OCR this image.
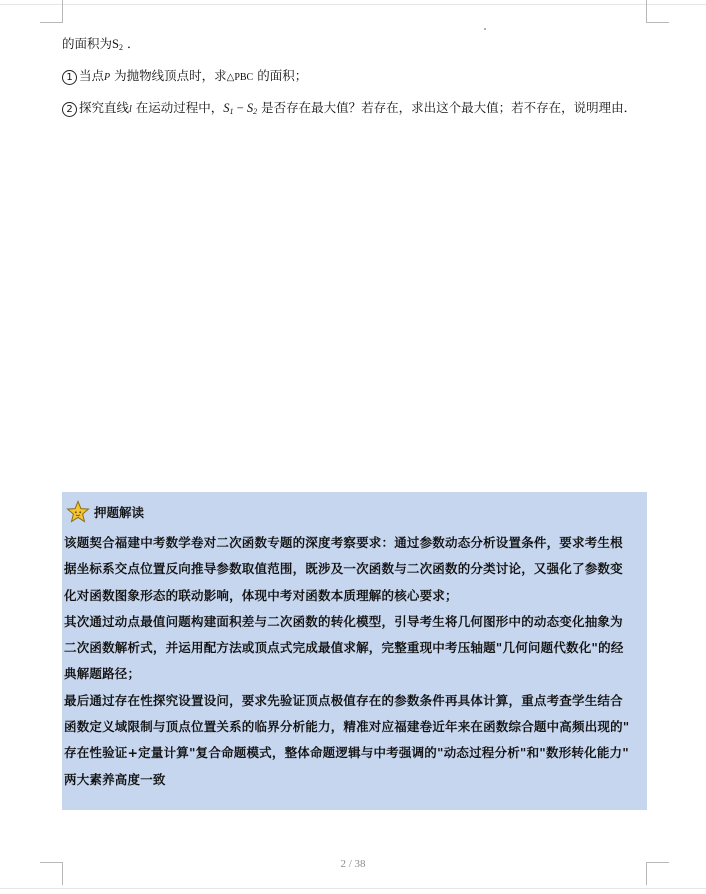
的面积为$S_2$ ．
1 当点P 为抛物线顶点时，求△PBC 的面积；
2 探究直线l 在运动过程中，$S_1 - S_2$ 是否存在最大值？若存在，求出这个最大值；若不存在，说明理由．
押题解读

该题契合福建中考数学卷对二次函数专题的深度考察要求：通过参数动态分析设置条件，要求考生根

据坐标系交点位置反向推导参数取值范围，既涉及一次函数与二次函数的分类讨论，又强化了参数变

化对函数图象形态的联动影响，体现中考对函数本质理解的核心要求；

其次通过动点最值问题构建面积差与二次函数的转化模型，引导考生将几何图形中的动态变化抽象为

二次函数解析式，并运用配方法或顶点式完成最值求解，完整重现中考压轴题"几何问题代数化"的经

典解题路径；

最后通过存在性探究设置设问，要求先验证顶点极值存在的参数条件再具体计算，重点考查学生结合

函数定义域限制与顶点位置关系的临界分析能力，精准对应福建卷近年来在函数综合题中高频出现的"

存在性验证+定量计算"复合命题模式，整体命题逻辑与中考强调的"动态过程分析"和"数形转化能力"

两大素养高度一致

2 / 38
